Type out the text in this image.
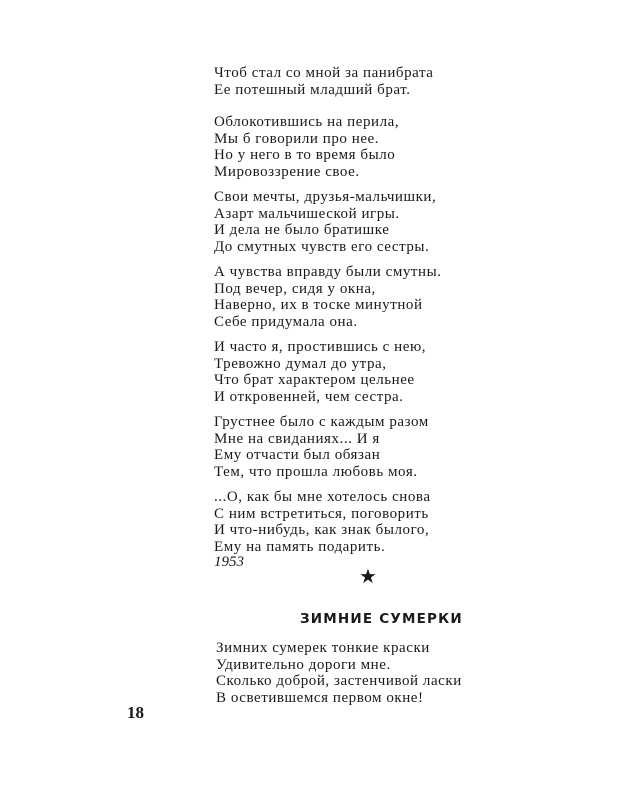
Чтоб стал со мной за панибрата
Ее потешный младший брат.
Облокотившись на перила,
Мы б говорили про нее.
Но у него в то время было
Мировоззрение свое.
Свои мечты, друзья-мальчишки,
Азарт мальчишеской игры.
И дела не было братишке
До смутных чувств его сестры.
А чувства вправду были смутны.
Под вечер, сидя у окна,
Наверно, их в тоске минутной
Себе придумала она.
И часто я, простившись с нею,
Тревожно думал до утра,
Что брат характером цельнее
И откровенней, чем сестра.
Грустнее было с каждым разом
Мне на свиданиях... И я
Ему отчасти был обязан
Тем, что прошла любовь моя.
...О, как бы мне хотелось снова
С ним встретиться, поговорить
И что-нибудь, как знак былого,
Ему на память подарить.
1953
★
ЗИМНИЕ СУМЕРКИ
Зимних сумерек тонкие краски
Удивительно дороги мне.
Сколько доброй, застенчивой ласки
В осветившемся первом окне!
18
